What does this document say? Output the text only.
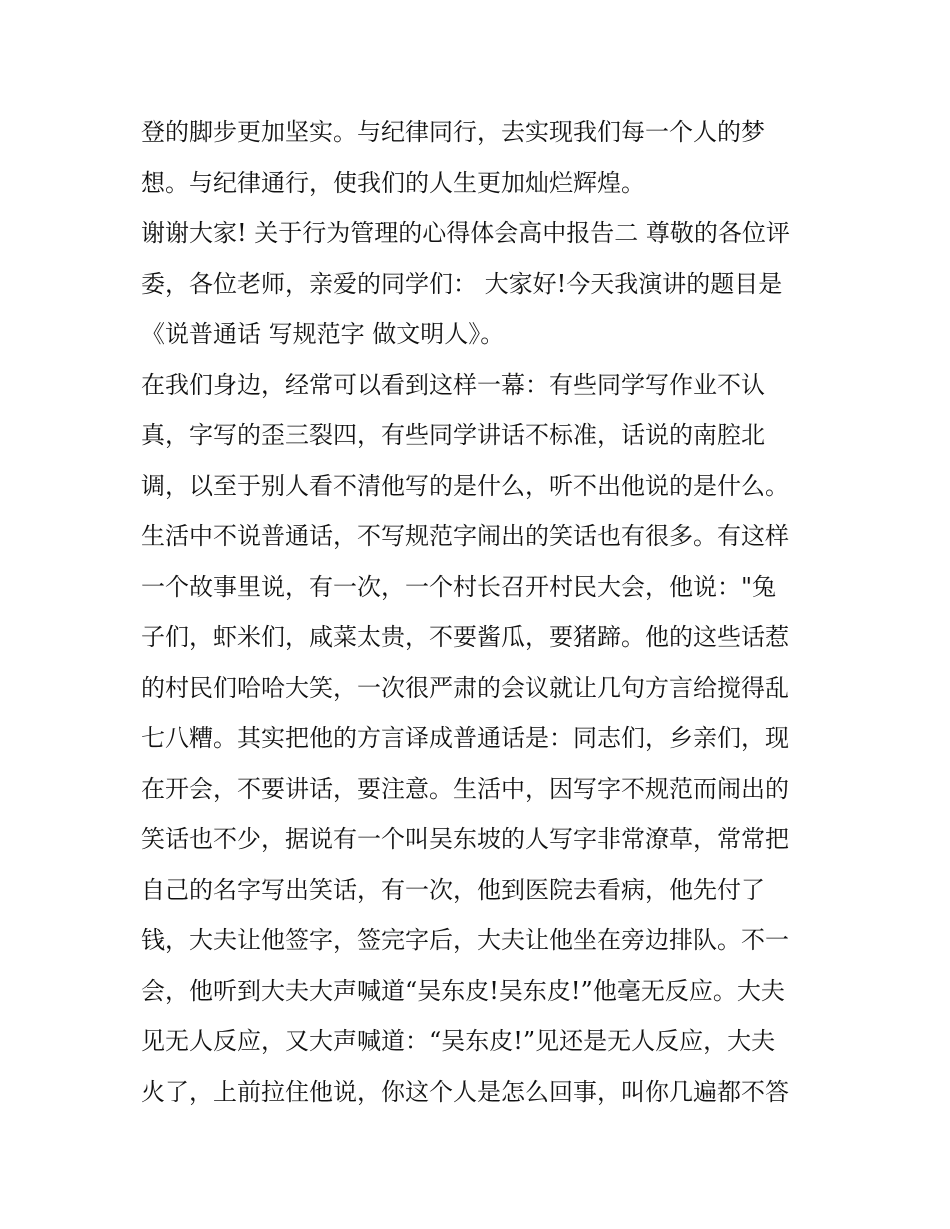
登的脚步更加坚实。与纪律同行，去实现我们每一个人的梦
想。与纪律通行，使我们的人生更加灿烂辉煌。
谢谢大家! 关于行为管理的心得体会高中报告二 尊敬的各位评
委，各位老师，亲爱的同学们： 大家好!今天我演讲的题目是
《说普通话 写规范字 做文明人》。
在我们身边，经常可以看到这样一幕：有些同学写作业不认
真，字写的歪三裂四，有些同学讲话不标准，话说的南腔北
调，以至于别人看不清他写的是什么，听不出他说的是什么。
生活中不说普通话，不写规范字闹出的笑话也有很多。有这样
一个故事里说，有一次，一个村长召开村民大会，他说："兔
子们，虾米们，咸菜太贵，不要酱瓜，要猪蹄。他的这些话惹
的村民们哈哈大笑，一次很严肃的会议就让几句方言给搅得乱
七八糟。其实把他的方言译成普通话是：同志们，乡亲们，现
在开会，不要讲话，要注意。生活中，因写字不规范而闹出的
笑话也不少，据说有一个叫吴东坡的人写字非常潦草，常常把
自己的名字写出笑话，有一次，他到医院去看病，他先付了
钱，大夫让他签字，签完字后，大夫让他坐在旁边排队。不一
会，他听到大夫大声喊道“吴东皮!吴东皮!”他毫无反应。大夫
见无人反应，又大声喊道：“吴东皮!”见还是无人反应，大夫
火了，上前拉住他说，你这个人是怎么回事，叫你几遍都不答
